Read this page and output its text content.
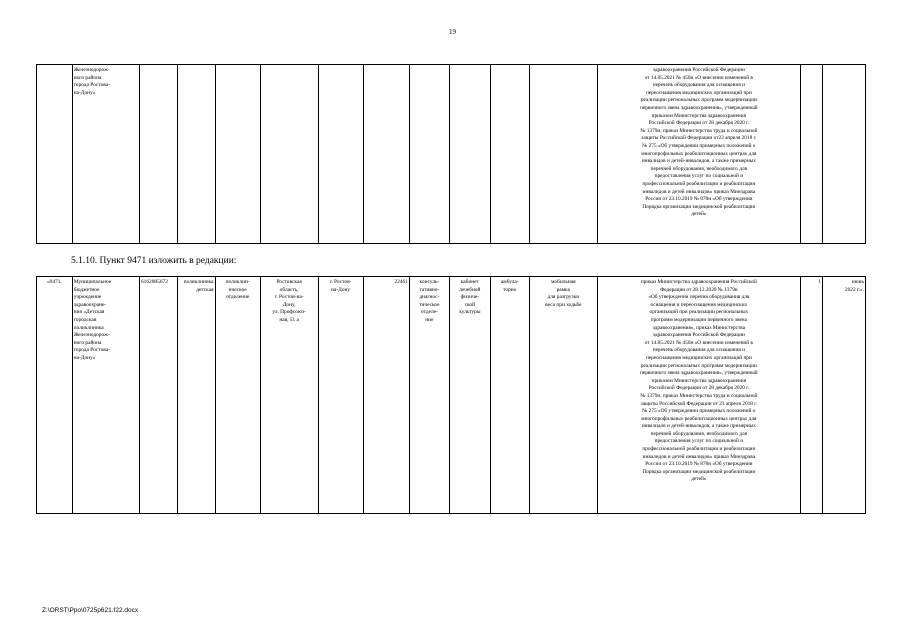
19
	Железнодорож-
ного района
города Ростова-
на-Дону»											здравоохранения Российской Федерации
от 14.05.2021 № 450н «О внесении изменений в
перечень оборудования для оснащения и
переоснащения медицинских организаций при
реализации региональных программ модернизации
первичного звена здравоохранения», утвержденный
приказом Министерства здравоохранения
Российской Федерации от 28 декабря 2020 г.
№ 1379н, приказ Министерства труда и социальной
защиты Российской Федерации от23 апреля 2018 г.
№ 275 «Об утверждении примерных положений о
многопрофильных реабилитационных центрах для
инвалидов и детей-инвалидов, а также примерных
перечней оборудования, необходимого для
предоставления услуг по социальной и
профессиональной реабилитации и реабилитации
инвалидов и детей инвалидов» приказ Минздрава
России от 23.10.2019 № 878н «Об утверждении
Порядка организации медицинской реабилитации
детей»		
5.1.10. Пункт 9471 изложить в редакции:
«9471.	Муниципальное
бюджетное
учреждение
здравоохране-
ния «Детская
городская
поликлиника
Железнодорож-
ного района
города Ростова-
на-Дону»	6162085672	поликлиника
детская	поликлин-
ическое
отделение	Ростовская
область,
г. Ростов-на-
Дону,
ул. Профсоюз-
ная, 51 а	г. Ростов-
на-Дону	22461	консуль-
тативно-
диагнос-
тическое
отделе-
ние	кабинет
лечебной
физиче-
ской
культуры	амбула-
торно	мобильная
рамка
для разгрузки
веса при ходьбе	приказ Министерства здравоохранения Российской
Федерации от 28.12.2020 № 1379н
«Об утверждении перечня оборудования для
оснащения и переоснащения медицинских
организаций при реализации региональных
программ модернизации первичного звена
здравоохранения», приказ Министерства
здравоохранения Российской Федерации
от 14.05.2021 № 450н «О внесении изменений в
перечень оборудования для оснащения и
переоснащения медицинских организаций при
реализации региональных программ модернизации
первичного звена здравоохранения», утвержденный
приказом Министерства здравоохранения
Российской Федерации от 28 декабря 2020 г.
№ 1379н, приказ Министерства труда и социальной
защиты Российской Федерации от 23 апреля 2018 г.
№ 275 «Об утверждении примерных положений о
многопрофильных реабилитационных центрах для
инвалидов и детей-инвалидов, а также примерных
перечней оборудования, необходимого для
предоставления услуг по социальной и
профессиональной реабилитации и реабилитации
инвалидов и детей инвалидов» приказ Минздрава
России от 23.10.2019 № 878н «Об утверждении
Порядка организации медицинской реабилитации
детей»	1	июнь
2022 г.».
Z:\ORST\Ppo\0725p621.f22.docx
